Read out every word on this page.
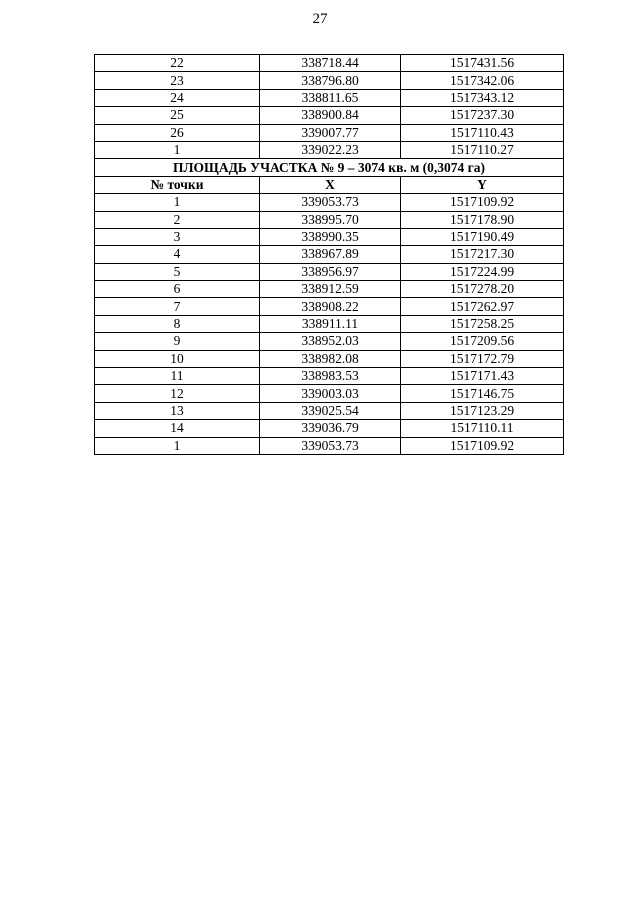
27
22	338718.44	1517431.56
23	338796.80	1517342.06
24	338811.65	1517343.12
25	338900.84	1517237.30
26	339007.77	1517110.43
1	339022.23	1517110.27
ПЛОЩАДЬ УЧАСТКА № 9 – 3074 кв. м (0,3074 га)		
№ точки	X	Y
1	339053.73	1517109.92
2	338995.70	1517178.90
3	338990.35	1517190.49
4	338967.89	1517217.30
5	338956.97	1517224.99
6	338912.59	1517278.20
7	338908.22	1517262.97
8	338911.11	1517258.25
9	338952.03	1517209.56
10	338982.08	1517172.79
11	338983.53	1517171.43
12	339003.03	1517146.75
13	339025.54	1517123.29
14	339036.79	1517110.11
1	339053.73	1517109.92
